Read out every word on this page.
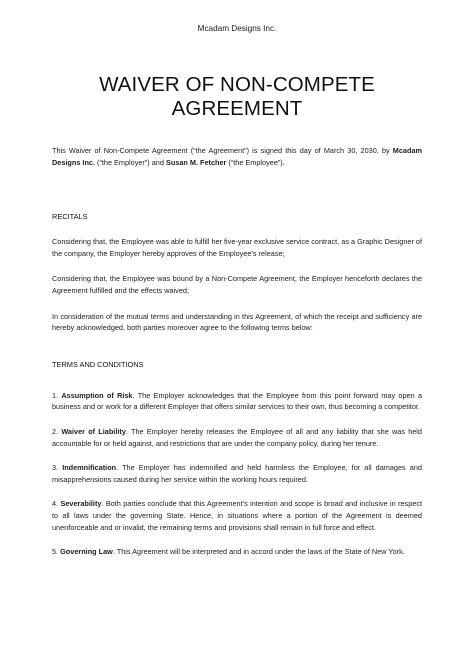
Mcadam Designs Inc.
WAIVER OF NON-COMPETE AGREEMENT

This Waiver of Non-Compete Agreement (“the Agreement”) is signed this day of March 30, 2030, by Mcadam Designs Inc. (“the Employer”) and Susan M. Fetcher (“the Employee”).

RECITALS

Considering that, the Employee was able to fulfill her five-year exclusive service contract, as a Graphic Designer of the company, the Employer hereby approves of the Employee’s release;

Considering that, the Employee was bound by a Non-Compete Agreement, the Employer henceforth declares the Agreement fulfilled and the effects waived;

In consideration of the mutual terms and understanding in this Agreement, of which the receipt and sufficiency are hereby acknowledged, both parties moreover agree to the following terms below:

TERMS AND CONDITIONS

1. Assumption of Risk. The Employer acknowledges that the Employee from this point forward may open a business and or work for a different Employer that offers similar services to their own, thus becoming a competitor.

2. Waiver of Liability. The Employer hereby releases the Employee of all and any liability that she was held accountable for or held against, and restrictions that are under the company policy, during her tenure.

3. Indemnification. The Employer has indemnified and held harmless the Employee, for all damages and misapprehensions caused during her service within the working hours required.

4. Severability. Both parties conclude that this Agreement’s intention and scope is broad and inclusive in respect to all laws under the governing State. Hence, in situations where a portion of the Agreement is deemed unenforceable and or invalid, the remaining terms and provisions shall remain in full force and effect.

5. Governing Law. This Agreement will be interpreted and in accord under the laws of the State of New York.
